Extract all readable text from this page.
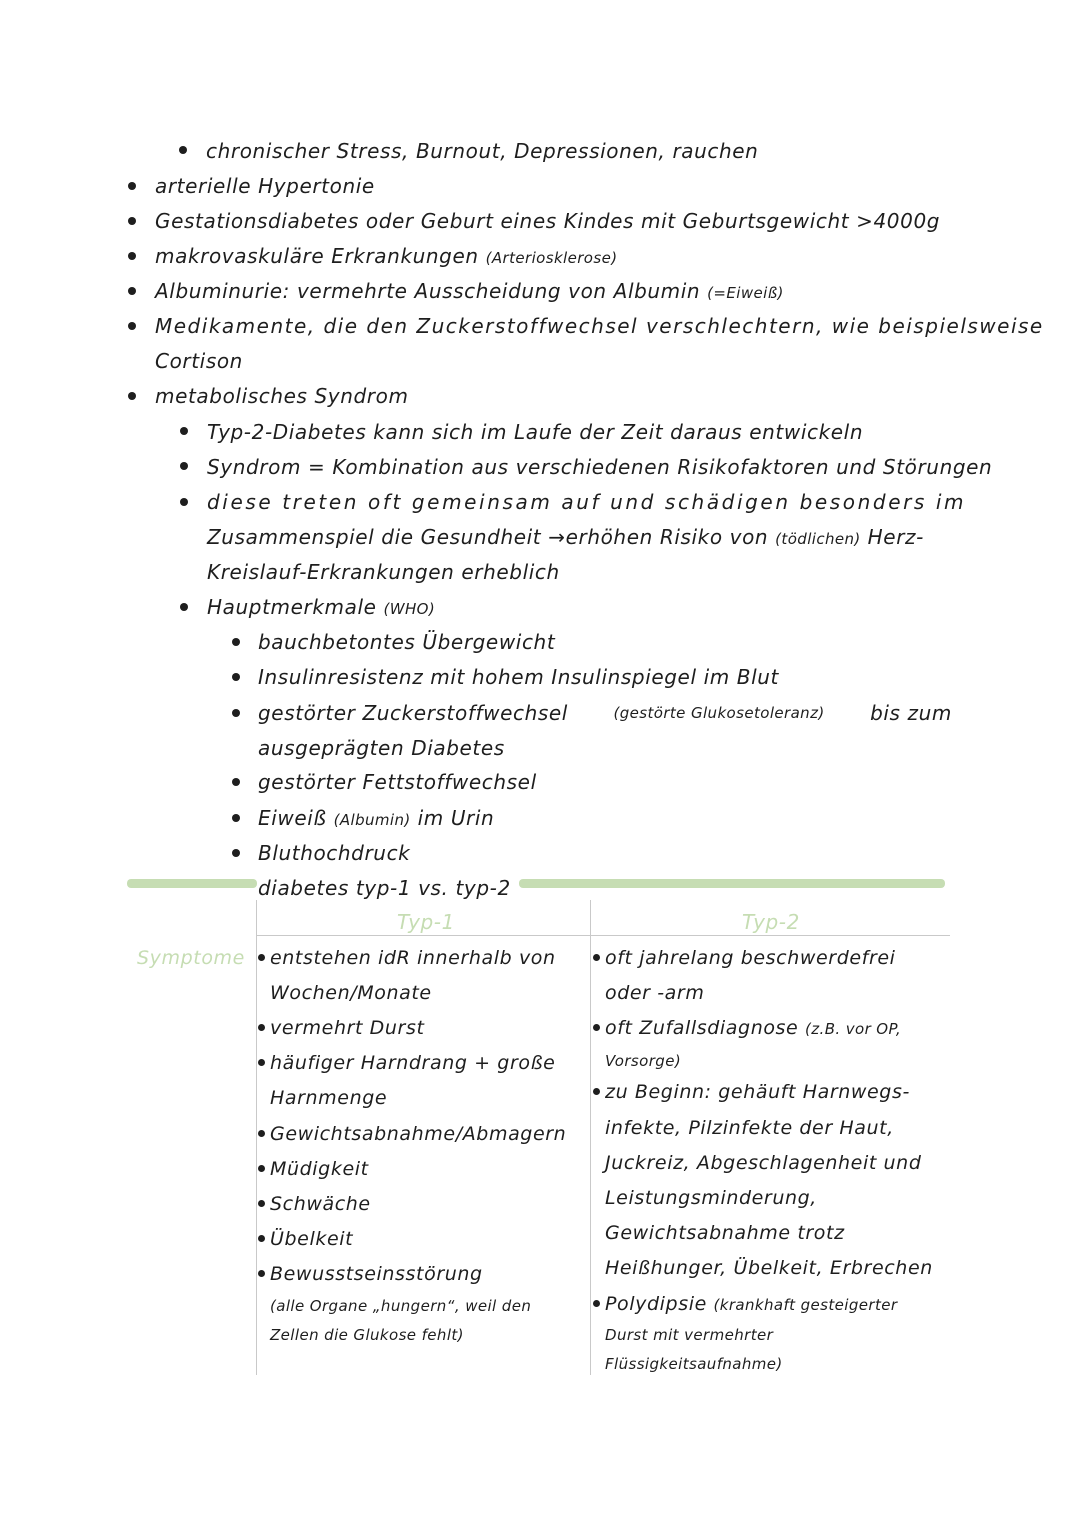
chronischer Stress, Burnout, Depressionen, rauchen
arterielle Hypertonie
Gestationsdiabetes oder Geburt eines Kindes mit Geburtsgewicht >4000g
makrovaskuläre Erkrankungen (Arteriosklerose)
Albuminurie: vermehrte Ausscheidung von Albumin (=Eiweiß)
Medikamente, die den Zuckerstoffwechsel verschlechtern, wie beispielsweise
Cortison
metabolisches Syndrom
Typ-2-Diabetes kann sich im Laufe der Zeit daraus entwickeln
Syndrom = Kombination aus verschiedenen Risikofaktoren und Störungen
diese treten oft gemeinsam auf und schädigen besonders im
Zusammenspiel die Gesundheit →erhöhen Risiko von (tödlichen) Herz-
Kreislauf-Erkrankungen erheblich
Hauptmerkmale (WHO)
bauchbetontes Übergewicht
Insulinresistenz mit hohem Insulinspiegel im Blut
gestörter Zuckerstoffwechsel	(gestörte Glukosetoleranz) bis zum
ausgeprägten Diabetes
gestörter Fettstoffwechsel
Eiweiß (Albumin) im Urin
Bluthochdruck
diabetes typ-1 vs. typ-2
Typ-1	Typ-2
Symptome entstehen idR innerhalb von
Wochen/Monate
vermehrt Durst
häufiger Harndrang + große
Harnmenge
Gewichtsabnahme/Abmagern
Müdigkeit
Schwäche
Übelkeit
Bewusstseinsstörung
(alle Organe „hungern“, weil den
Zellen die Glukose fehlt)
oft jahrelang beschwerdefrei
oder -arm
oft Zufallsdiagnose (z.B. vor OP,
Vorsorge)
zu Beginn: gehäuft Harnwegs-
infekte, Pilzinfekte der Haut,
Juckreiz, Abgeschlagenheit und
Leistungsminderung,
Gewichtsabnahme trotz
Heißhunger, Übelkeit, Erbrechen
Polydipsie (krankhaft gesteigerter
Durst mit vermehrter
Flüssigkeitsaufnahme)
